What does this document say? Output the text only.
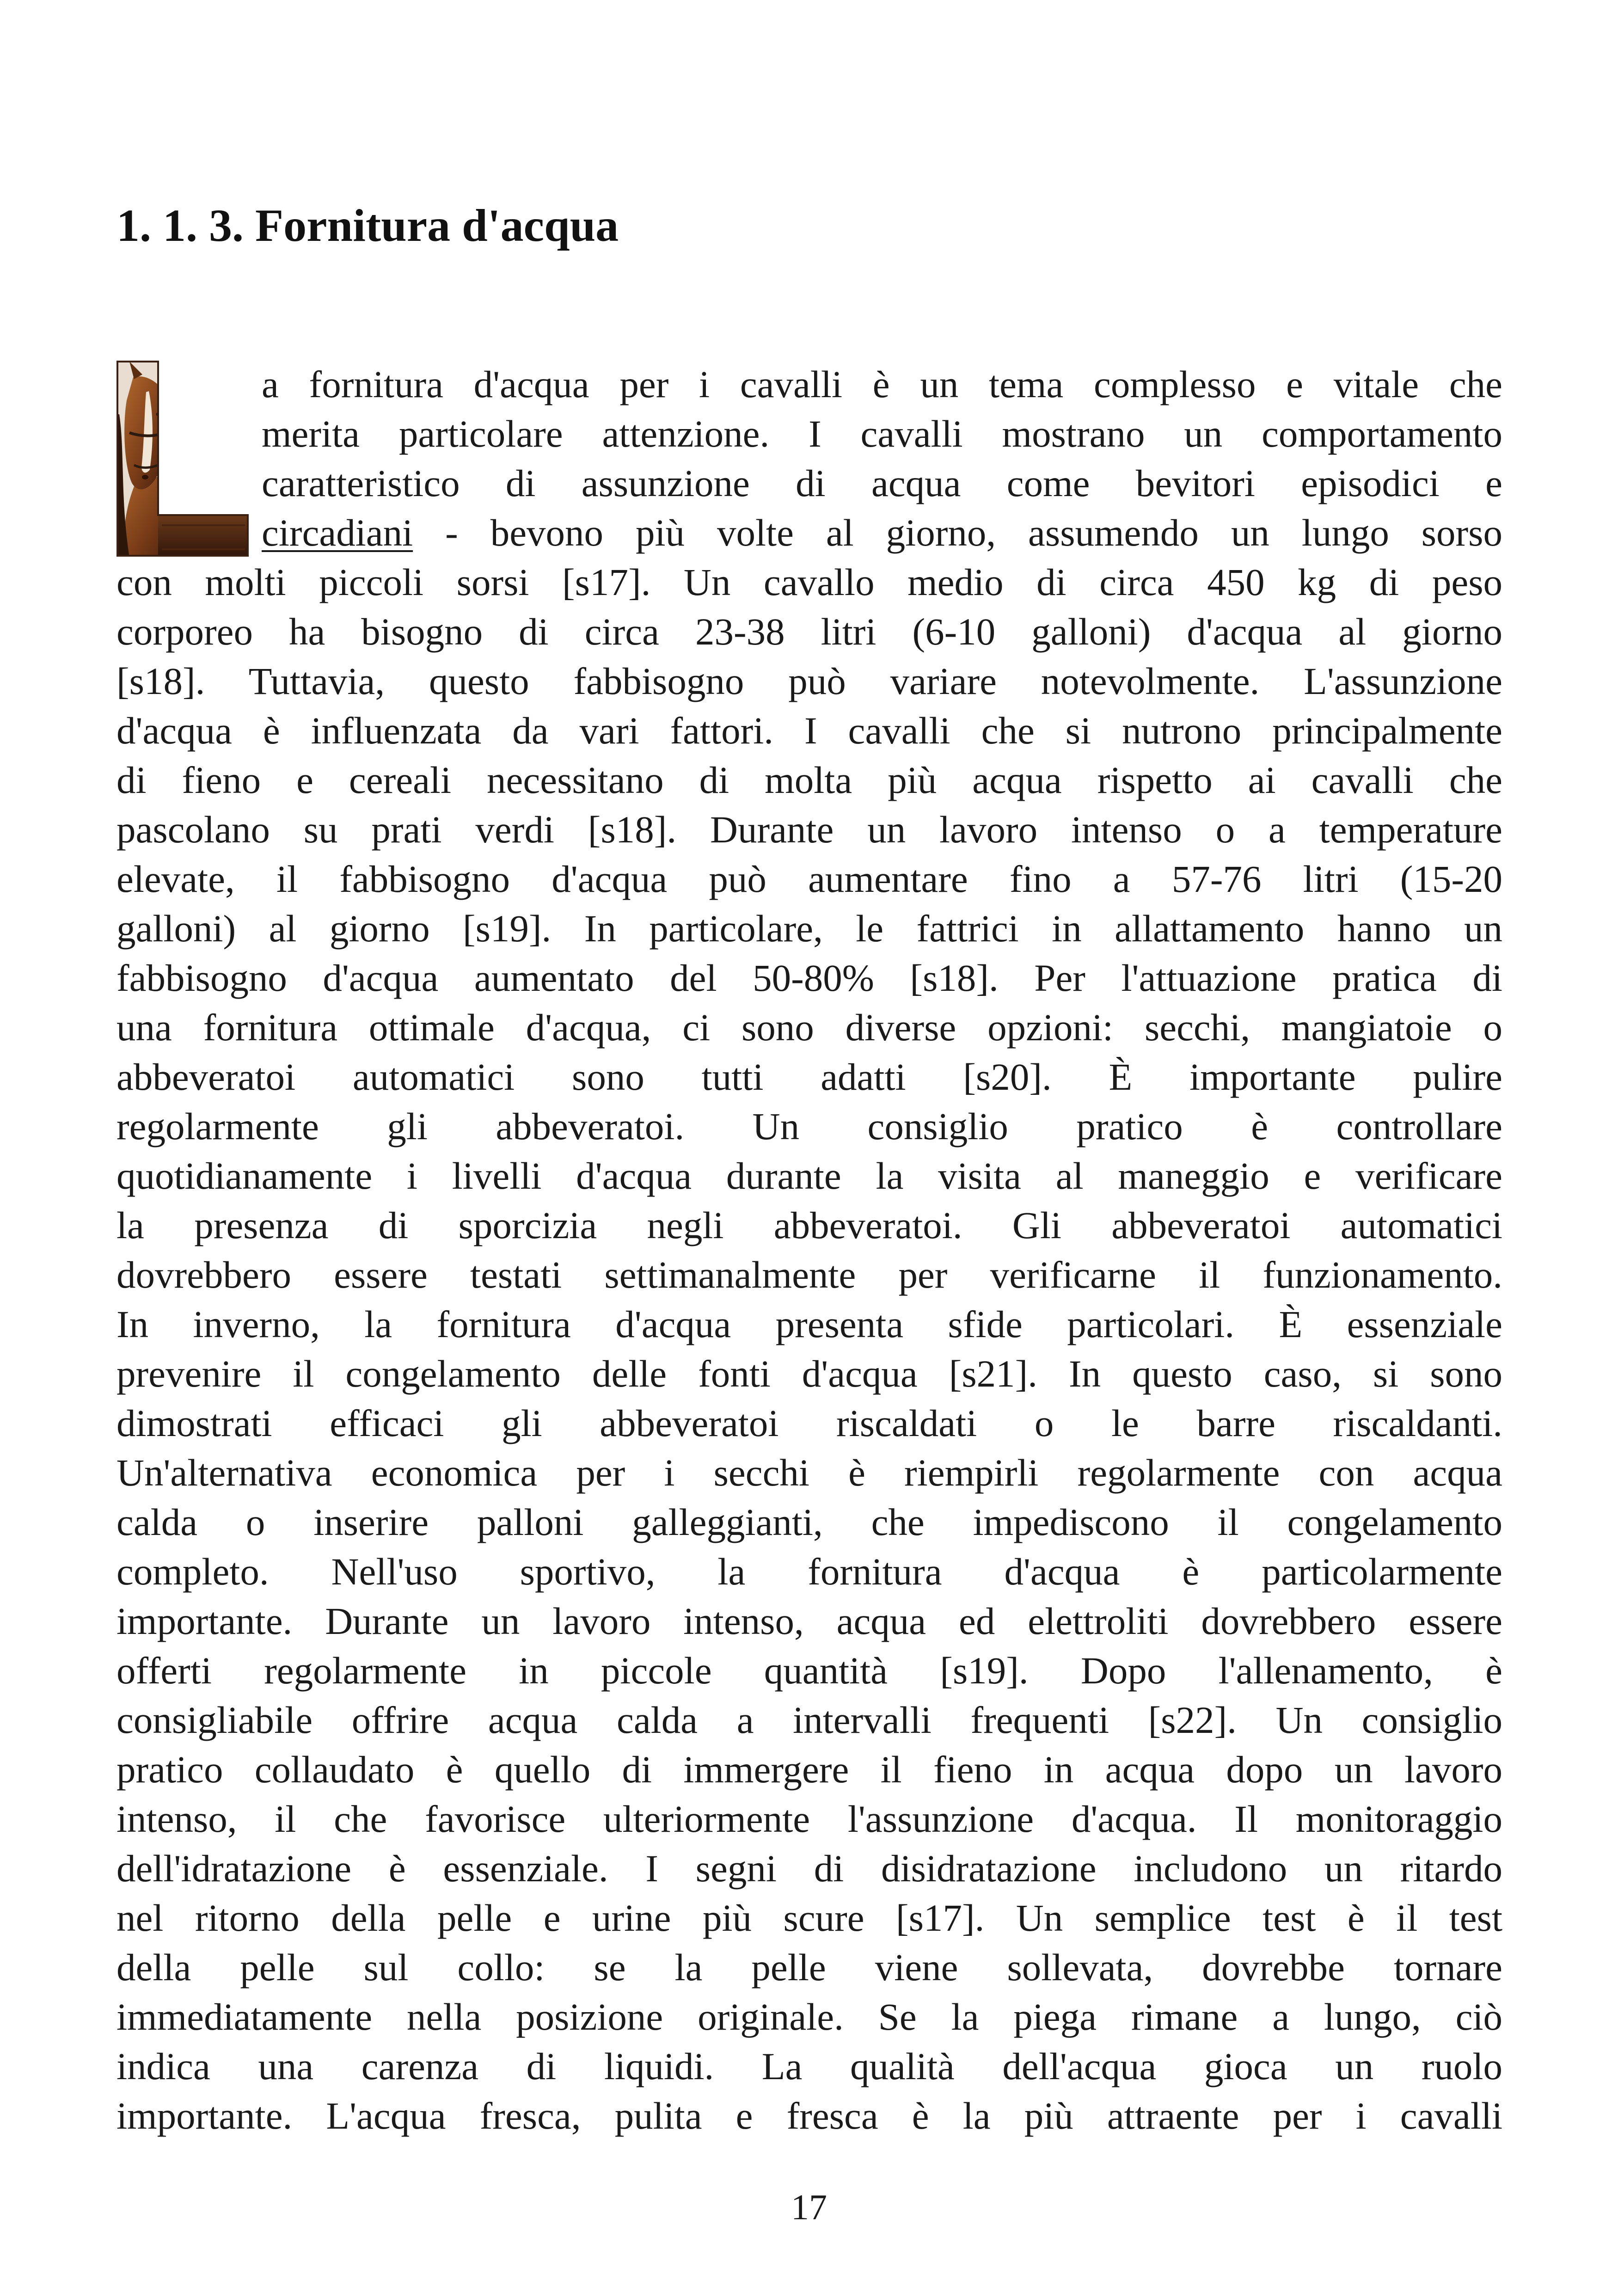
1. 1. 3. Fornitura d'acqua
a fornitura d'acqua per i cavalli è un tema complesso e vitale che
merita particolare attenzione. I cavalli mostrano un comportamento
caratteristico di assunzione di acqua come bevitori episodici e
circadiani - bevono più volte al giorno, assumendo un lungo sorso
con molti piccoli sorsi [s17]. Un cavallo medio di circa 450 kg di peso
corporeo ha bisogno di circa 23-38 litri (6-10 galloni) d'acqua al giorno
[s18]. Tuttavia, questo fabbisogno può variare notevolmente. L'assunzione
d'acqua è influenzata da vari fattori. I cavalli che si nutrono principalmente
di fieno e cereali necessitano di molta più acqua rispetto ai cavalli che
pascolano su prati verdi [s18]. Durante un lavoro intenso o a temperature
elevate, il fabbisogno d'acqua può aumentare fino a 57-76 litri (15-20
galloni) al giorno [s19]. In particolare, le fattrici in allattamento hanno un
fabbisogno d'acqua aumentato del 50-80% [s18]. Per l'attuazione pratica di
una fornitura ottimale d'acqua, ci sono diverse opzioni: secchi, mangiatoie o
abbeveratoi automatici sono tutti adatti [s20]. È importante pulire
regolarmente gli abbeveratoi. Un consiglio pratico è controllare
quotidianamente i livelli d'acqua durante la visita al maneggio e verificare
la presenza di sporcizia negli abbeveratoi. Gli abbeveratoi automatici
dovrebbero essere testati settimanalmente per verificarne il funzionamento.
In inverno, la fornitura d'acqua presenta sfide particolari. È essenziale
prevenire il congelamento delle fonti d'acqua [s21]. In questo caso, si sono
dimostrati efficaci gli abbeveratoi riscaldati o le barre riscaldanti.
Un'alternativa economica per i secchi è riempirli regolarmente con acqua
calda o inserire palloni galleggianti, che impediscono il congelamento
completo. Nell'uso sportivo, la fornitura d'acqua è particolarmente
importante. Durante un lavoro intenso, acqua ed elettroliti dovrebbero essere
offerti regolarmente in piccole quantità [s19]. Dopo l'allenamento, è
consigliabile offrire acqua calda a intervalli frequenti [s22]. Un consiglio
pratico collaudato è quello di immergere il fieno in acqua dopo un lavoro
intenso, il che favorisce ulteriormente l'assunzione d'acqua. Il monitoraggio
dell'idratazione è essenziale. I segni di disidratazione includono un ritardo
nel ritorno della pelle e urine più scure [s17]. Un semplice test è il test
della pelle sul collo: se la pelle viene sollevata, dovrebbe tornare
immediatamente nella posizione originale. Se la piega rimane a lungo, ciò
indica una carenza di liquidi. La qualità dell'acqua gioca un ruolo
importante. L'acqua fresca, pulita e fresca è la più attraente per i cavalli
17
